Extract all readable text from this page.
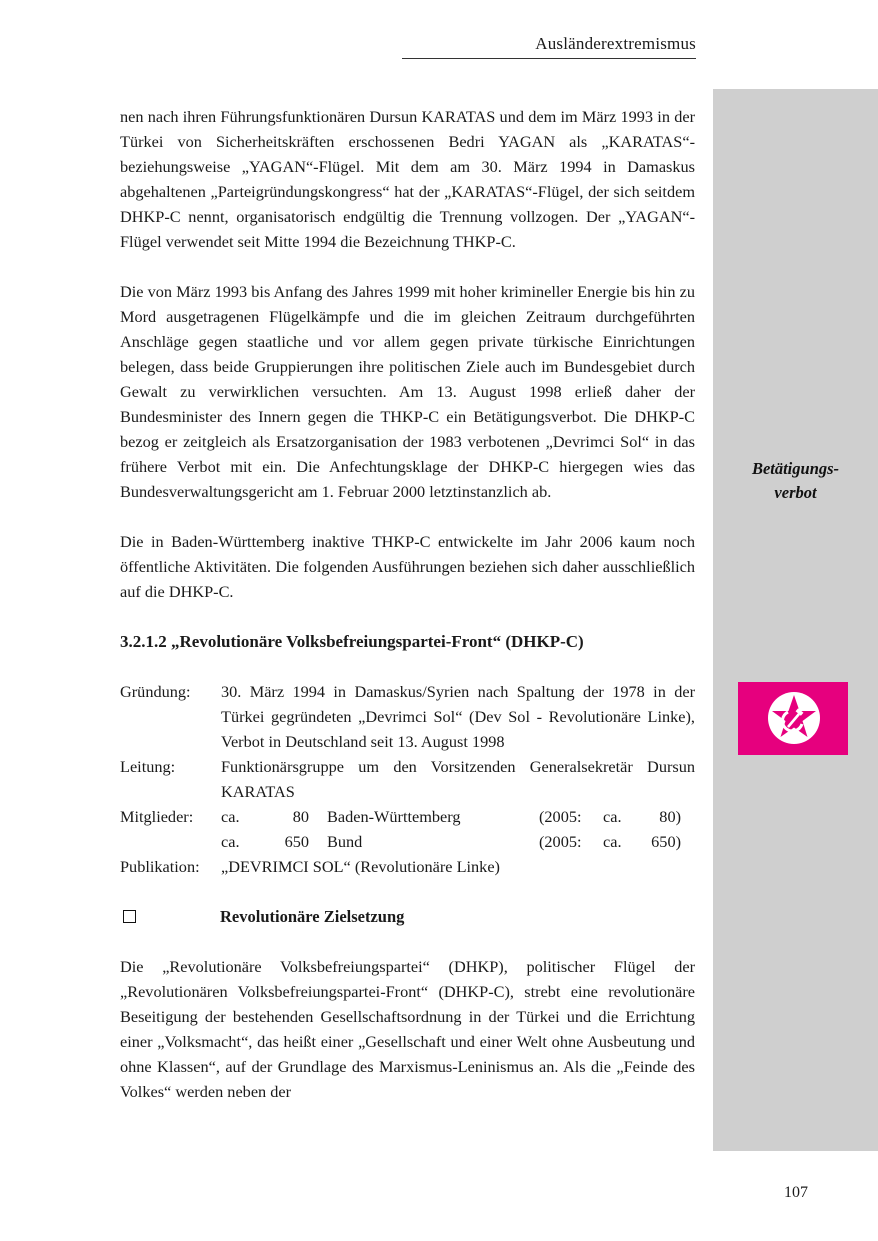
Ausländerextremismus
Betätigungs-
verbot

nen nach ihren Führungsfunktionären Dursun KARATAS und dem im März 1993 in der Türkei von Sicherheitskräften erschossenen Bedri YAGAN als „KARATAS“- beziehungsweise „YAGAN“-Flügel. Mit dem am 30. März 1994 in Damaskus abgehaltenen „Parteigründungskongress“ hat der „KARATAS“-Flügel, der sich seitdem DHKP-C nennt, organisatorisch endgültig die Trennung vollzogen. Der „YAGAN“-Flügel verwendet seit Mitte 1994 die Bezeichnung THKP-C.

Die von März 1993 bis Anfang des Jahres 1999 mit hoher krimineller Energie bis hin zu Mord ausgetragenen Flügelkämpfe und die im gleichen Zeitraum durchgeführten Anschläge gegen staatliche und vor allem gegen private türkische Einrichtungen belegen, dass beide Gruppierungen ihre politischen Ziele auch im Bundesgebiet durch Gewalt zu verwirklichen versuchten. Am 13. August 1998 erließ daher der Bundesminister des Innern gegen die THKP-C ein Betätigungsverbot. Die DHKP-C bezog er zeitgleich als Ersatzorganisation der 1983 verbotenen „Devrimci Sol“ in das frühere Verbot mit ein. Die Anfechtungsklage der DHKP-C hiergegen wies das Bundesverwaltungsgericht am 1. Februar 2000 letztinstanzlich ab.

Die in Baden-Württemberg inaktive THKP-C entwickelte im Jahr 2006 kaum noch öffentliche Aktivitäten. Die folgenden Ausführungen beziehen sich daher ausschließlich auf die DHKP-C.

3.2.1.2 „Revolutionäre Volksbefreiungspartei-Front“ (DHKP-C)

Gründung:	30. März 1994 in Damaskus/Syrien nach Spaltung der 1978 in der Türkei gegründeten „Devrimci Sol“ (Dev Sol - Revolutionäre Linke), Verbot in Deutschland seit 13. August 1998
Leitung:	Funktionärsgruppe um den Vorsitzenden Generalsekretär Dursun KARATAS
Mitglieder:	ca.	80	Baden-Württemberg	(2005:	ca.	80)
ca.	650	Bund	(2005:	ca.	650)
Publikation:	„DEVRIMCI SOL“ (Revolutionäre Linke)
Revolutionäre Zielsetzung

Die „Revolutionäre Volksbefreiungspartei“ (DHKP), politischer Flügel der „Revolutionären Volksbefreiungspartei-Front“ (DHKP-C), strebt eine revolutionäre Beseitigung der bestehenden Gesellschaftsordnung in der Türkei und die Errichtung einer „Volksmacht“, das heißt einer „Gesellschaft und einer Welt ohne Ausbeutung und ohne Klassen“, auf der Grundlage des Marxismus-Leninismus an. Als die „Feinde des Volkes“ werden neben der

107
